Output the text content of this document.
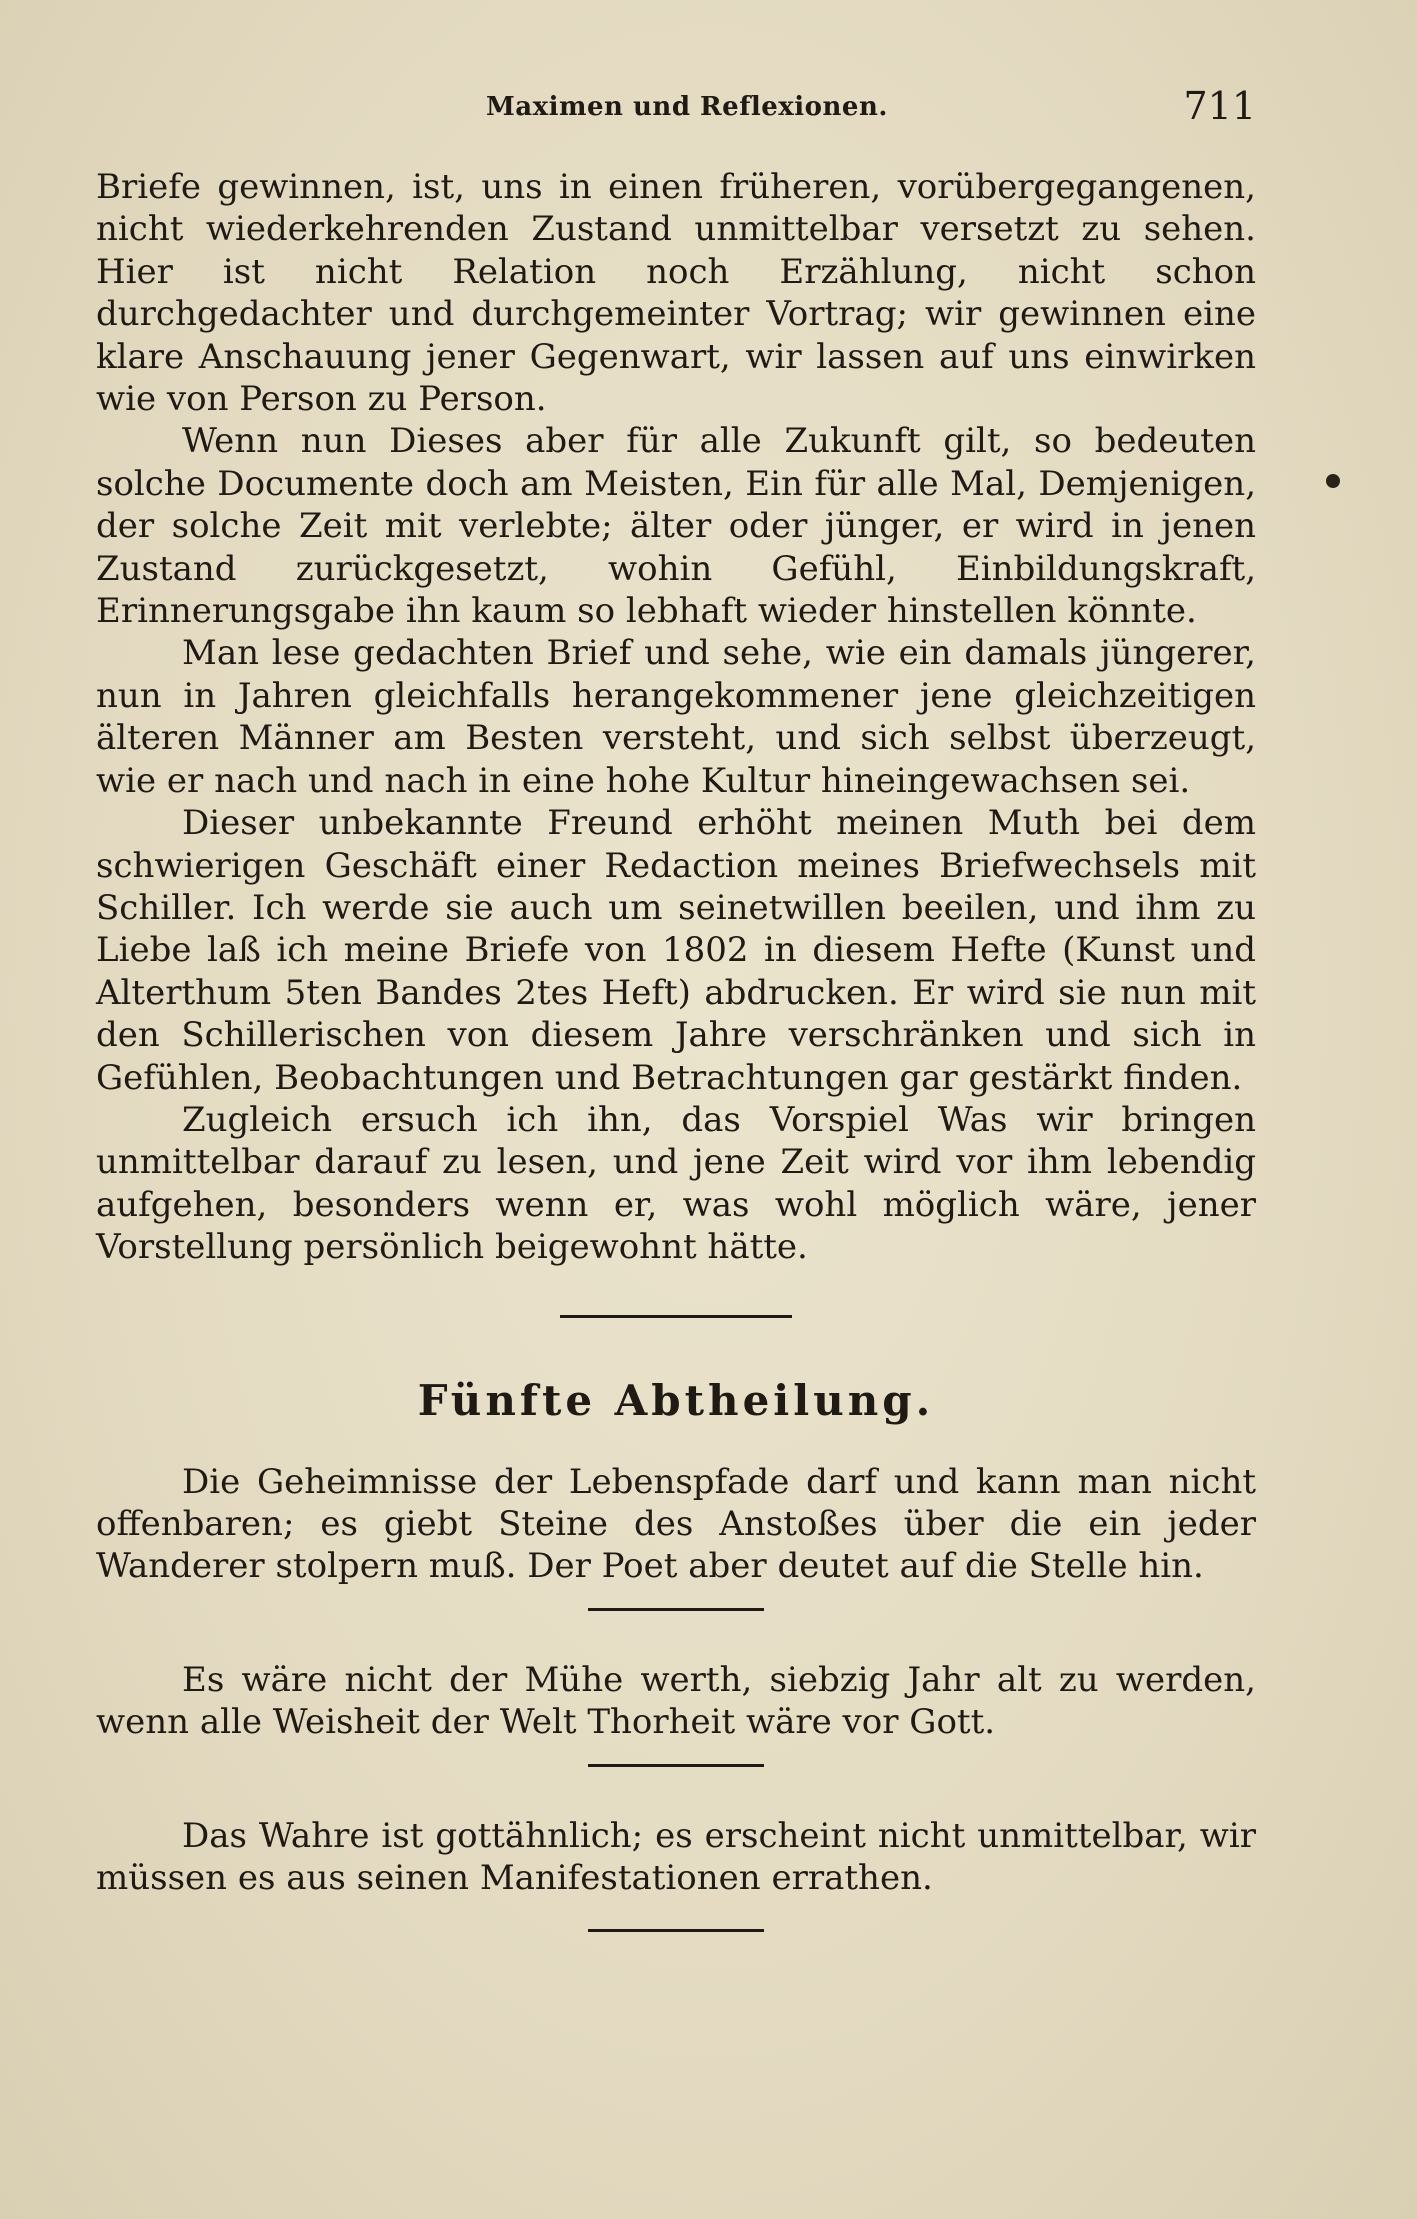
Maximen und Reflexionen.	711

Briefe gewinnen, ist, uns in einen früheren, vorübergegangenen, nicht wiederkehrenden Zustand unmittelbar versetzt zu sehen. Hier ist nicht Relation noch Erzählung, nicht schon durchgedachter und durchgemeinter Vortrag; wir gewinnen eine klare Anschauung jener Gegenwart, wir lassen auf uns einwirken wie von Person zu Person.

Wenn nun Dieses aber für alle Zukunft gilt, so bedeuten solche Documente doch am Meisten, Ein für alle Mal, Demjenigen, der solche Zeit mit verlebte; älter oder jünger, er wird in jenen Zustand zurückgesetzt, wohin Gefühl, Einbildungskraft, Erinnerungsgabe ihn kaum so lebhaft wieder hinstellen könnte.

Man lese gedachten Brief und sehe, wie ein damals jüngerer, nun in Jahren gleichfalls herangekommener jene gleichzeitigen älteren Männer am Besten versteht, und sich selbst überzeugt, wie er nach und nach in eine hohe Kultur hineingewachsen sei.

Dieser unbekannte Freund erhöht meinen Muth bei dem schwierigen Geschäft einer Redaction meines Briefwechsels mit Schiller. Ich werde sie auch um seinetwillen beeilen, und ihm zu Liebe laß ich meine Briefe von 1802 in diesem Hefte (Kunst und Alterthum 5ten Bandes 2tes Heft) abdrucken. Er wird sie nun mit den Schillerischen von diesem Jahre verschränken und sich in Gefühlen, Beobachtungen und Betrachtungen gar gestärkt finden.

Zugleich ersuch ich ihn, das Vorspiel Was wir bringen unmittelbar darauf zu lesen, und jene Zeit wird vor ihm lebendig aufgehen, besonders wenn er, was wohl möglich wäre, jener Vorstellung persönlich beigewohnt hätte.

Fünfte Abtheilung.

Die Geheimnisse der Lebenspfade darf und kann man nicht offenbaren; es giebt Steine des Anstoßes über die ein jeder Wanderer stolpern muß. Der Poet aber deutet auf die Stelle hin.

Es wäre nicht der Mühe werth, siebzig Jahr alt zu werden, wenn alle Weisheit der Welt Thorheit wäre vor Gott.

Das Wahre ist gottähnlich; es erscheint nicht unmittelbar, wir müssen es aus seinen Manifestationen errathen.
